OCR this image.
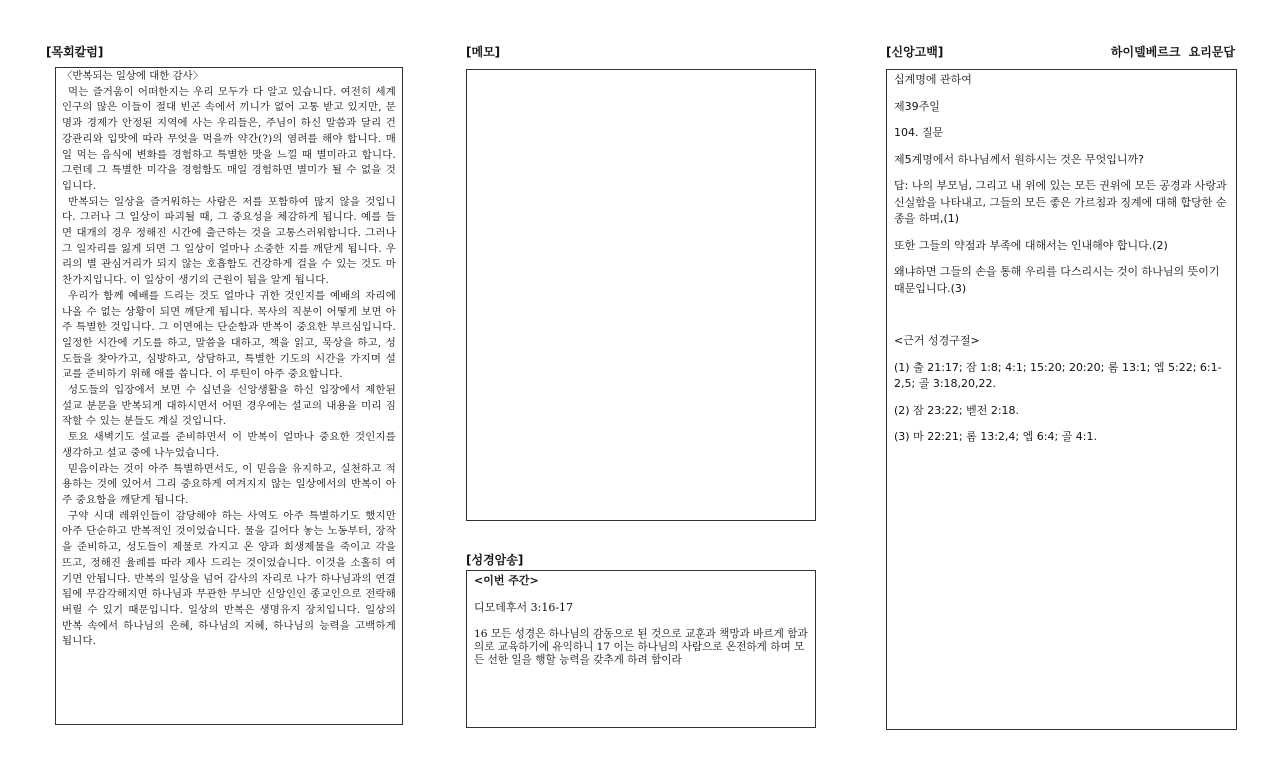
[목회칼럼]	[메모]	[신앙고백]	하이델베르크 요리문답
[성경암송]
〈반복되는 일상에 대한 감사〉

먹는 즐거움이 어떠한지는 우리 모두가 다 알고 있습니다. 여전히 세계 인구의 많은 이들이 절대 빈곤 속에서 끼니가 없어 고통 받고 있지만, 문명과 경제가 안정된 지역에 사는 우리들은, 주님이 하신 말씀과 달리 건강관리와 입맛에 따라 무엇을 먹을까 약간(?)의 염려를 해야 합니다. 매일 먹는 음식에 변화를 경험하고 특별한 맛을 느낄 때 별미라고 합니다. 그런데 그 특별한 미각을 경험함도 매일 경험하면 별미가 될 수 없을 것입니다.

반복되는 일상을 즐거워하는 사람은 저를 포함하여 많지 않을 것입니다. 그러나 그 일상이 파괴될 때, 그 중요성을 체감하게 됩니다. 예를 들면 대개의 경우 정해진 시간에 출근하는 것을 고통스러워합니다. 그러나 그 일자리를 잃게 되면 그 일상이 얼마나 소중한 지를 깨닫게 됩니다. 우리의 별 관심거리가 되지 않는 호흡함도 건강하게 걸을 수 있는 것도 마찬가지입니다. 이 일상이 생기의 근원이 됨을 알게 됩니다.

우리가 함께 예배를 드리는 것도 얼마나 귀한 것인지를 예배의 자리에 나올 수 없는 상황이 되면 깨닫게 됩니다. 목사의 직분이 어떻게 보면 아주 특별한 것입니다. 그 이면에는 단순함과 반복이 중요한 부르심입니다. 일정한 시간에 기도를 하고, 말씀을 대하고, 책을 읽고, 묵상을 하고, 성도들을 찾아가고, 심방하고, 상담하고, 특별한 기도의 시간을 가지며 설교를 준비하기 위해 애를 씁니다. 이 루틴이 아주 중요합니다.

성도들의 입장에서 보면 수 십년을 신앙생활을 하신 입장에서 제한된 설교 분문을 반복되게 대하시면서 어떤 경우에는 설교의 내용을 미리 짐작할 수 있는 분들도 계실 것입니다.

토요 새벽기도 설교를 준비하면서 이 반복이 얼마나 중요한 것인지를 생각하고 설교 중에 나누었습니다.

믿음이라는 것이 아주 특별하면서도, 이 믿음을 유지하고, 실천하고 적용하는 것에 있어서 그리 중요하게 여겨지지 않는 일상에서의 반복이 아주 중요함을 깨닫게 됩니다.

구약 시대 레위인들이 감당해야 하는 사역도 아주 특별하기도 했지만 아주 단순하고 반복적인 것이었습니다. 물을 길어다 놓는 노동부터, 장작을 준비하고, 성도들이 제물로 가지고 온 양과 희생제물을 죽이고 각을 뜨고, 정해진 율례를 따라 제사 드리는 것이었습니다. 이것을 소홀히 여기면 안됩니다. 반복의 일상을 넘어 감사의 자리로 나가 하나님과의 연결됨에 무감각해지면 하나님과 무관한 무늬만 신앙인인 종교인으로 전락해 버릴 수 있기 때문입니다. 일상의 반복은 생명유지 장치입니다. 일상의 반복 속에서 하나님의 은혜, 하나님의 지혜, 하나님의 능력을 고백하게 됩니다.

<이번 주간>
디모데후서 3:16-17
16 모든 성경은 하나님의 감동으로 된 것으로 교훈과 책망과 바르게 함과 의로 교육하기에 유익하니 17 이는 하나님의 사람으로 온전하게 하며 모든 선한 일을 행할 능력을 갖추게 하려 함이라

십계명에 관하여

제39주일

104. 질문

제5계명에서 하나님께서 원하시는 것은 무엇입니까?

답: 나의 부모님, 그리고 내 위에 있는 모든 권위에 모든 공경과 사랑과 신실함을 나타내고, 그들의 모든 좋은 가르침과 징계에 대해 합당한 순종을 하며,(1)

또한 그들의 약점과 부족에 대해서는 인내해야 합니다.(2)

왜냐하면 그들의 손을 통해 우리를 다스리시는 것이 하나님의 뜻이기 때문입니다.(3)

<근거 성경구절>

(1) 출 21:17; 잠 1:8; 4:1; 15:20; 20:20; 롬 13:1; 엡 5:22; 6:1-2,5; 골 3:18,20,22.

(2) 잠 23:22; 벧전 2:18.

(3) 마 22:21; 롬 13:2,4; 엡 6:4; 골 4:1.
